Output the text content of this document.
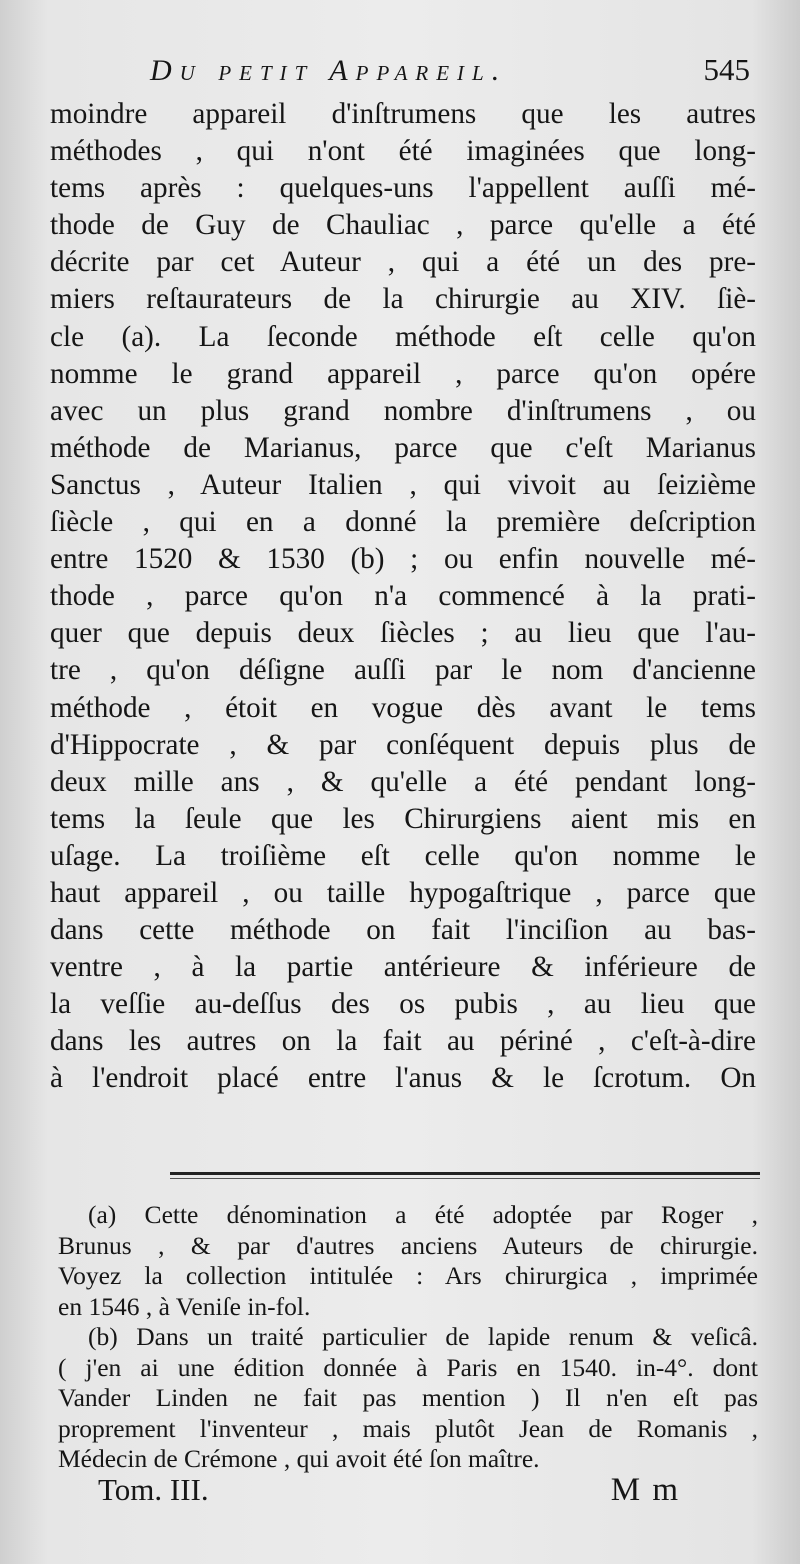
Du petit Appareil.	545
moindre appareil d'inſtrumens que les autres
méthodes , qui n'ont été imaginées que long-
tems après : quelques-uns l'appellent auſſi mé-
thode de Guy de Chauliac , parce qu'elle a été
décrite par cet Auteur , qui a été un des pre-
miers reſtaurateurs de la chirurgie au XIV. ſiè-
cle (a). La ſeconde méthode eſt celle qu'on
nomme le grand appareil , parce qu'on opére
avec un plus grand nombre d'inſtrumens , ou
méthode de Marianus, parce que c'eſt Marianus
Sanctus , Auteur Italien , qui vivoit au ſeizième
ſiècle , qui en a donné la première deſcription
entre 1520 & 1530 (b) ; ou enfin nouvelle mé-
thode , parce qu'on n'a commencé à la prati-
quer que depuis deux ſiècles ; au lieu que l'au-
tre , qu'on déſigne auſſi par le nom d'ancienne
méthode , étoit en vogue dès avant le tems
d'Hippocrate , & par conſéquent depuis plus de
deux mille ans , & qu'elle a été pendant long-
tems la ſeule que les Chirurgiens aient mis en
uſage. La troiſième eſt celle qu'on nomme le
haut appareil , ou taille hypogaſtrique , parce que
dans cette méthode on fait l'inciſion au bas-
ventre , à la partie antérieure & inférieure de
la veſſie au-deſſus des os pubis , au lieu que
dans les autres on la fait au périné , c'eſt-à-dire
à l'endroit placé entre l'anus & le ſcrotum. On
(a) Cette dénomination a été adoptée par Roger ,
Brunus , & par d'autres anciens Auteurs de chirurgie.
Voyez la collection intitulée : Ars chirurgica , imprimée
en 1546 , à Veniſe in-fol.
(b) Dans un traité particulier de lapide renum & veſicâ.
( j'en ai une édition donnée à Paris en 1540. in-4°. dont
Vander Linden ne fait pas mention ) Il n'en eſt pas
proprement l'inventeur , mais plutôt Jean de Romanis ,
Médecin de Crémone , qui avoit été ſon maître.
Tom. III.	M m
